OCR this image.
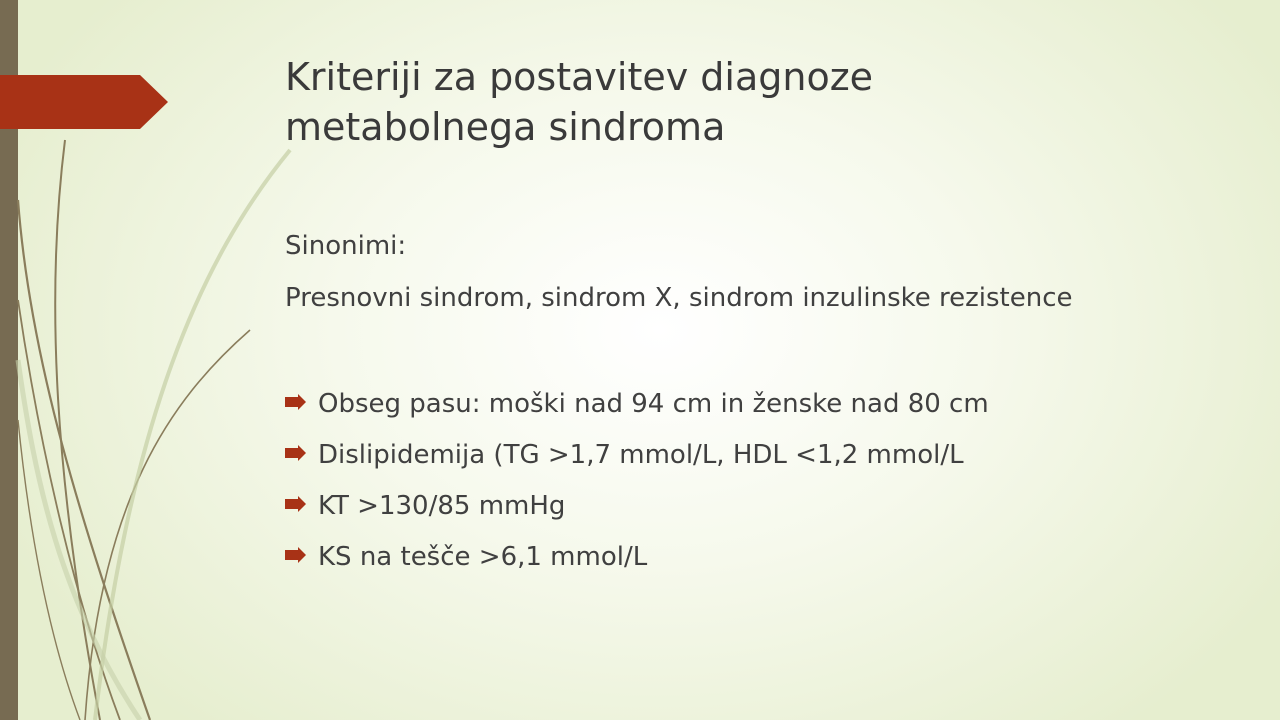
Kriteriji za postavitev diagnoze
metabolnega sindroma

Sinonimi:

Presnovni sindrom, sindrom X, sindrom inzulinske rezistence

Obseg pasu: moški nad 94 cm in ženske nad 80 cm
Dislipidemija (TG >1,7 mmol/L, HDL <1,2 mmol/L
KT >130/85 mmHg
KS na tešče >6,1 mmol/L
